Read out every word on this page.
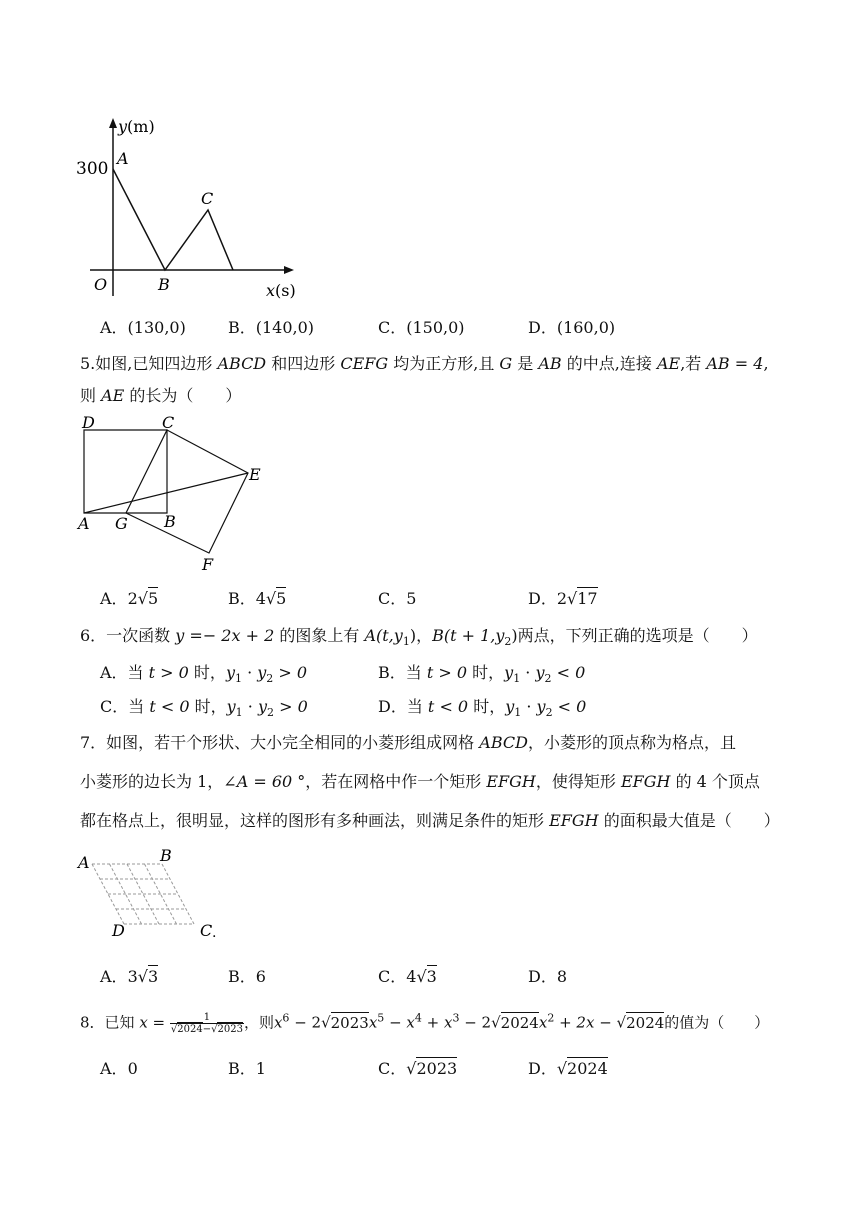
y(m)
300
A
B
C
O	x(s)
A．(130,0)	B．(140,0)	C．(150,0)	D．(160,0)
5.如图,已知四边形 ABCD 和四边形 CEFG 均为正方形,且 G 是 AB 的中点,连接 AE,若 AB = 4,
则 AE 的长为（　　）
D	C
E
A G B
F
A．2√5	B．4√5	C．5	D．2√17
6．一次函数 y =− 2x + 2 的图象上有 $A(t,y_1)$，$B(t + 1,y_2)$两点，下列正确的选项是（　　）
A．当 t > 0 时，$y_1 \cdot y_2 > 0$	B．当 t > 0 时，$y_1 \cdot y_2 < 0$
C．当 t < 0 时，$y_1 \cdot y_2 > 0$	D．当 t < 0 时，$y_1 \cdot y_2 < 0$
7．如图，若干个形状、大小完全相同的小菱形组成网格 ABCD，小菱形的顶点称为格点，且
小菱形的边长为 1，∠A = 60 °，若在网格中作一个矩形 EFGH，使得矩形 EFGH 的 4 个顶点
都在格点上，很明显，这样的图形有多种画法，则满足条件的矩形 EFGH 的面积最大值是（　　）
A	B
D	C .
A．3√3	B．6	C．4√3	D．8
8．已知 $x = \frac{1}{√2024-√2023}$ ，则$x^6 - 2√2023x^5 - x^4 + x^3 - 2√2024x^2 + 2x - √2024$的值为（　　）
A．0	B．1	C．√2023	D．√2024
